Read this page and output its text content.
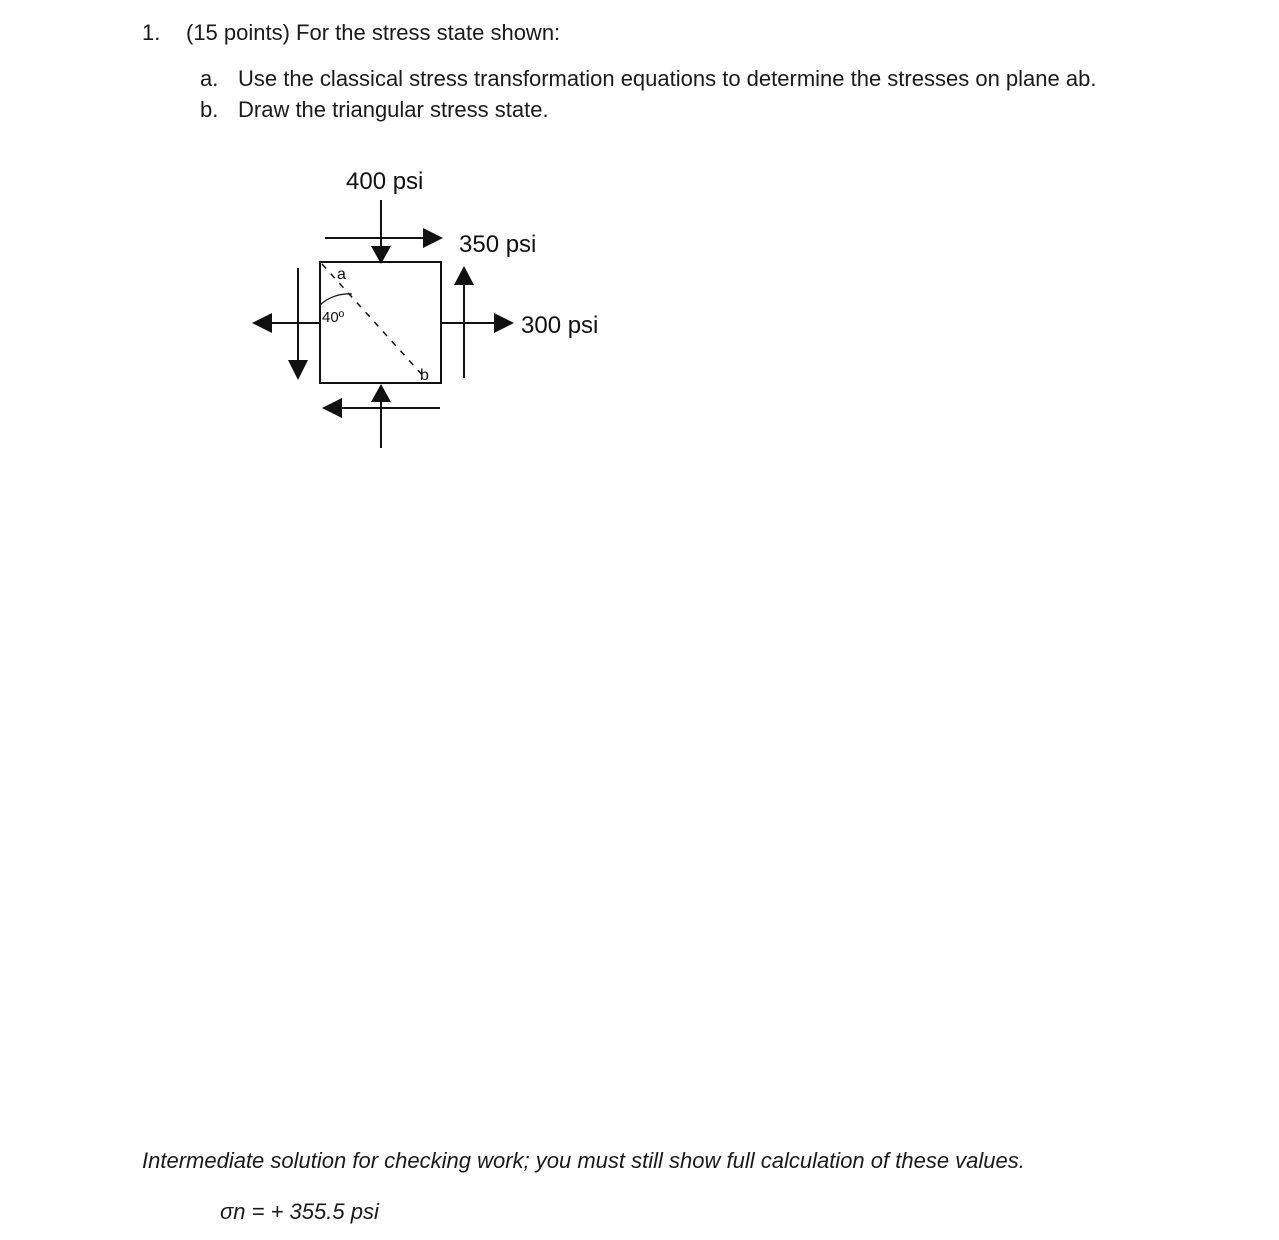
1. (15 points) For the stress state shown:
a. Use the classical stress transformation equations to determine the stresses on plane ab.
b. Draw the triangular stress state.
400 psi
350 psi
300 psi
a
b
40º
Intermediate solution for checking work; you must still show full calculation of these values.
σn = + 355.5 psi
